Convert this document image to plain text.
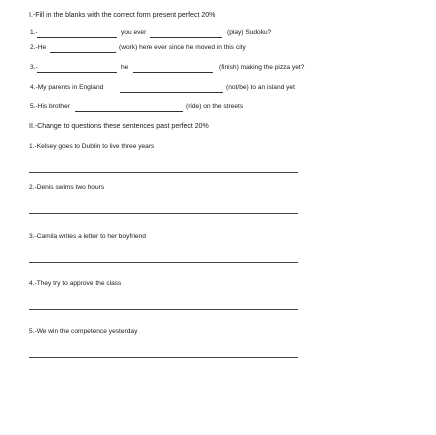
I.-Fill in the blanks with the correct form present perfect 20%
1.-	you ever	(play) Sudoku?
2.-He	(work) here ever since he moved in this city
3.-	he	(finish) making the pizza yet?
4.-My parents in England	(not/be) to an island yet
5.-His brother	(ride) on the streets
II.-Change to questions these sentences past perfect 20%
1.-Kelsey goes to Dublin to live three years
2.-Denis swims two hours
3.-Camila writes a letter to her boyfriend
4.-They try to approve the class
5.-We win the competence yesterday
